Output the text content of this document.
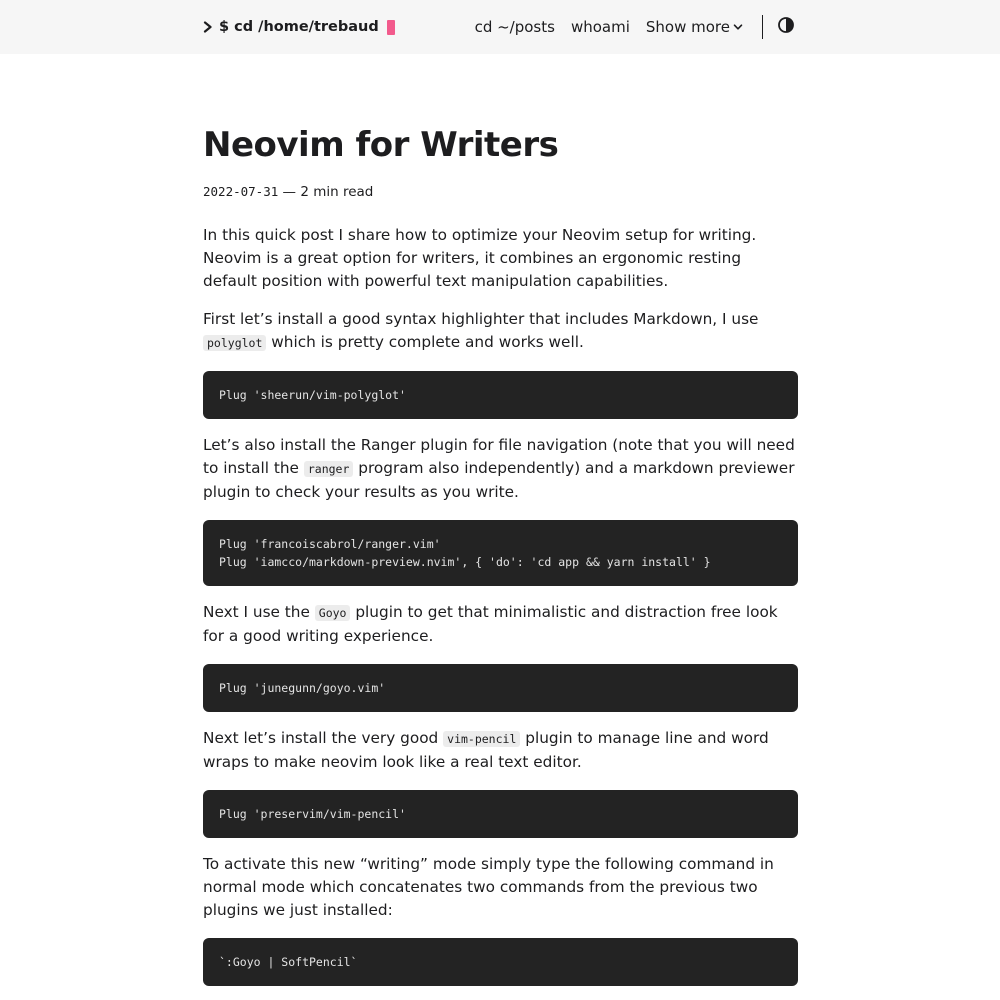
$ cd /home/trebaud	cd ~/posts whoami Show more
Neovim for Writers
2022-07-31 — 2 min read

In this quick post I share how to optimize your Neovim setup for writing. Neovim is a great option for writers, it combines an ergonomic resting default position with powerful text manipulation capabilities.

First let’s install a good syntax highlighter that includes Markdown, I use polyglot which is pretty complete and works well.

Plug 'sheerun/vim-polyglot'

Let’s also install the Ranger plugin for file navigation (note that you will need to install the ranger program also independently) and a markdown previewer plugin to check your results as you write.

Plug 'francoiscabrol/ranger.vim'
Plug 'iamcco/markdown-preview.nvim', { 'do': 'cd app && yarn install' }

Next I use the Goyo plugin to get that minimalistic and distraction free look for a good writing experience.

Plug 'junegunn/goyo.vim'

Next let’s install the very good vim-pencil plugin to manage line and word wraps to make neovim look like a real text editor.

Plug 'preservim/vim-pencil'

To activate this new “writing” mode simply type the following command in normal mode which concatenates two commands from the previous two plugins we just installed:

`:Goyo | SoftPencil`
